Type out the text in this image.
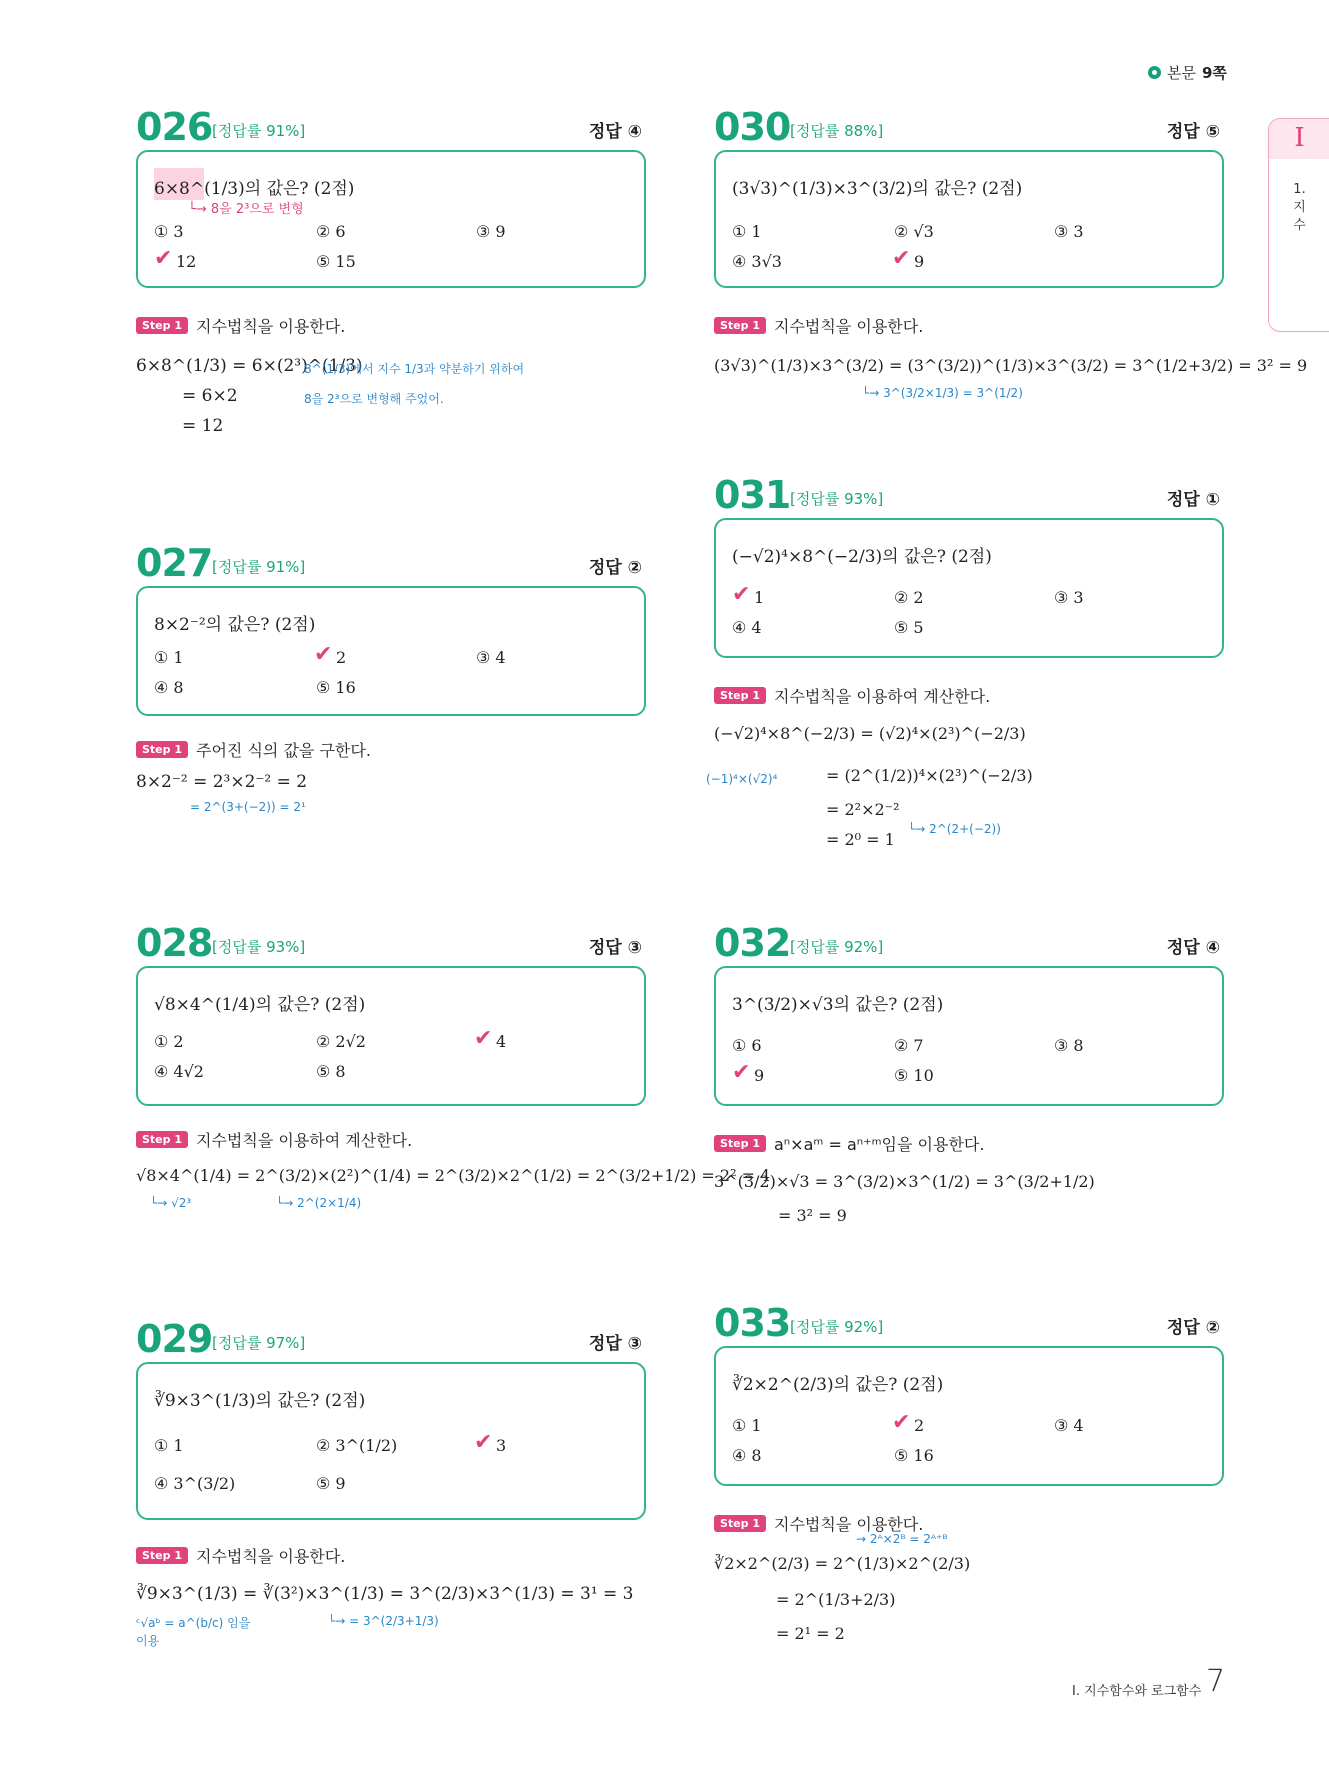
본문 9쪽
Ⅰ
1.
지
수
026 [정답률 91%]	정답 ④
6×8^(1/3)의 값은? (2점)
└→ 8을 2³으로 변형
① 3	② 6	③ 9
✔ 12	⑤ 15
Step 1 지수법칙을 이용한다.
6×8^(1/3) = 6×(2³)^(1/3)
8^(1/3)에서 지수 1/3과 약분하기 위하여
= 6×2	8을 2³으로 변형해 주었어.
= 12
027 [정답률 91%]	정답 ②
8×2⁻²의 값은? (2점)
① 1	✔ 2	③ 4
④ 8	⑤ 16
Step 1 주어진 식의 값을 구한다.
8×2⁻² = 2³×2⁻² = 2
= 2^(3+(−2)) = 2¹
028 [정답률 93%]	정답 ③
√8×4^(1/4)의 값은? (2점)
① 2	② 2√2	✔ 4
④ 4√2	⑤ 8
Step 1 지수법칙을 이용하여 계산한다.
√8×4^(1/4) = 2^(3/2)×(2²)^(1/4) = 2^(3/2)×2^(1/2) = 2^(3/2+1/2) = 2² = 4
└→ √2³	└→ 2^(2×1/4)
029 [정답률 97%]	정답 ③
∛9×3^(1/3)의 값은? (2점)
① 1	② 3^(1/2)	✔ 3
④ 3^(3/2)	⑤ 9
Step 1 지수법칙을 이용한다.
∛9×3^(1/3) = ∛(3²)×3^(1/3) = 3^(2/3)×3^(1/3) = 3¹ = 3
ᶜ√aᵇ = a^(b/c) 임을
이용
└→ = 3^(2/3+1/3)
030 [정답률 88%]	정답 ⑤
(3√3)^(1/3)×3^(3/2)의 값은? (2점)
① 1	② √3	③ 3
④ 3√3	✔ 9
Step 1 지수법칙을 이용한다.
(3√3)^(1/3)×3^(3/2) = (3^(3/2))^(1/3)×3^(3/2) = 3^(1/2+3/2) = 3² = 9
└→ 3^(3/2×1/3) = 3^(1/2)
031 [정답률 93%]	정답 ①
(−√2)⁴×8^(−2/3)의 값은? (2점)
✔ 1	② 2	③ 3
④ 4	⑤ 5
Step 1 지수법칙을 이용하여 계산한다.
(−√2)⁴×8^(−2/3) = (√2)⁴×(2³)^(−2/3)
(−1)⁴×(√2)⁴	= (2^(1/2))⁴×(2³)^(−2/3)
= 2²×2⁻²
= 2⁰ = 1
└→ 2^(2+(−2))
032 [정답률 92%]	정답 ④
3^(3/2)×√3의 값은? (2점)
① 6	② 7	③ 8
✔ 9	⑤ 10
Step 1 aⁿ×aᵐ = aⁿ⁺ᵐ임을 이용한다.
3^(3/2)×√3 = 3^(3/2)×3^(1/2) = 3^(3/2+1/2)
= 3² = 9
033 [정답률 92%]	정답 ②
∛2×2^(2/3)의 값은? (2점)
① 1	✔ 2	③ 4
④ 8	⑤ 16
Step 1 지수법칙을 이용한다.
→ 2ᴬ×2ᴮ = 2ᴬ⁺ᴮ
∛2×2^(2/3) = 2^(1/3)×2^(2/3)
= 2^(1/3+2/3)
= 2¹ = 2
Ⅰ. 지수함수와 로그함수 7
